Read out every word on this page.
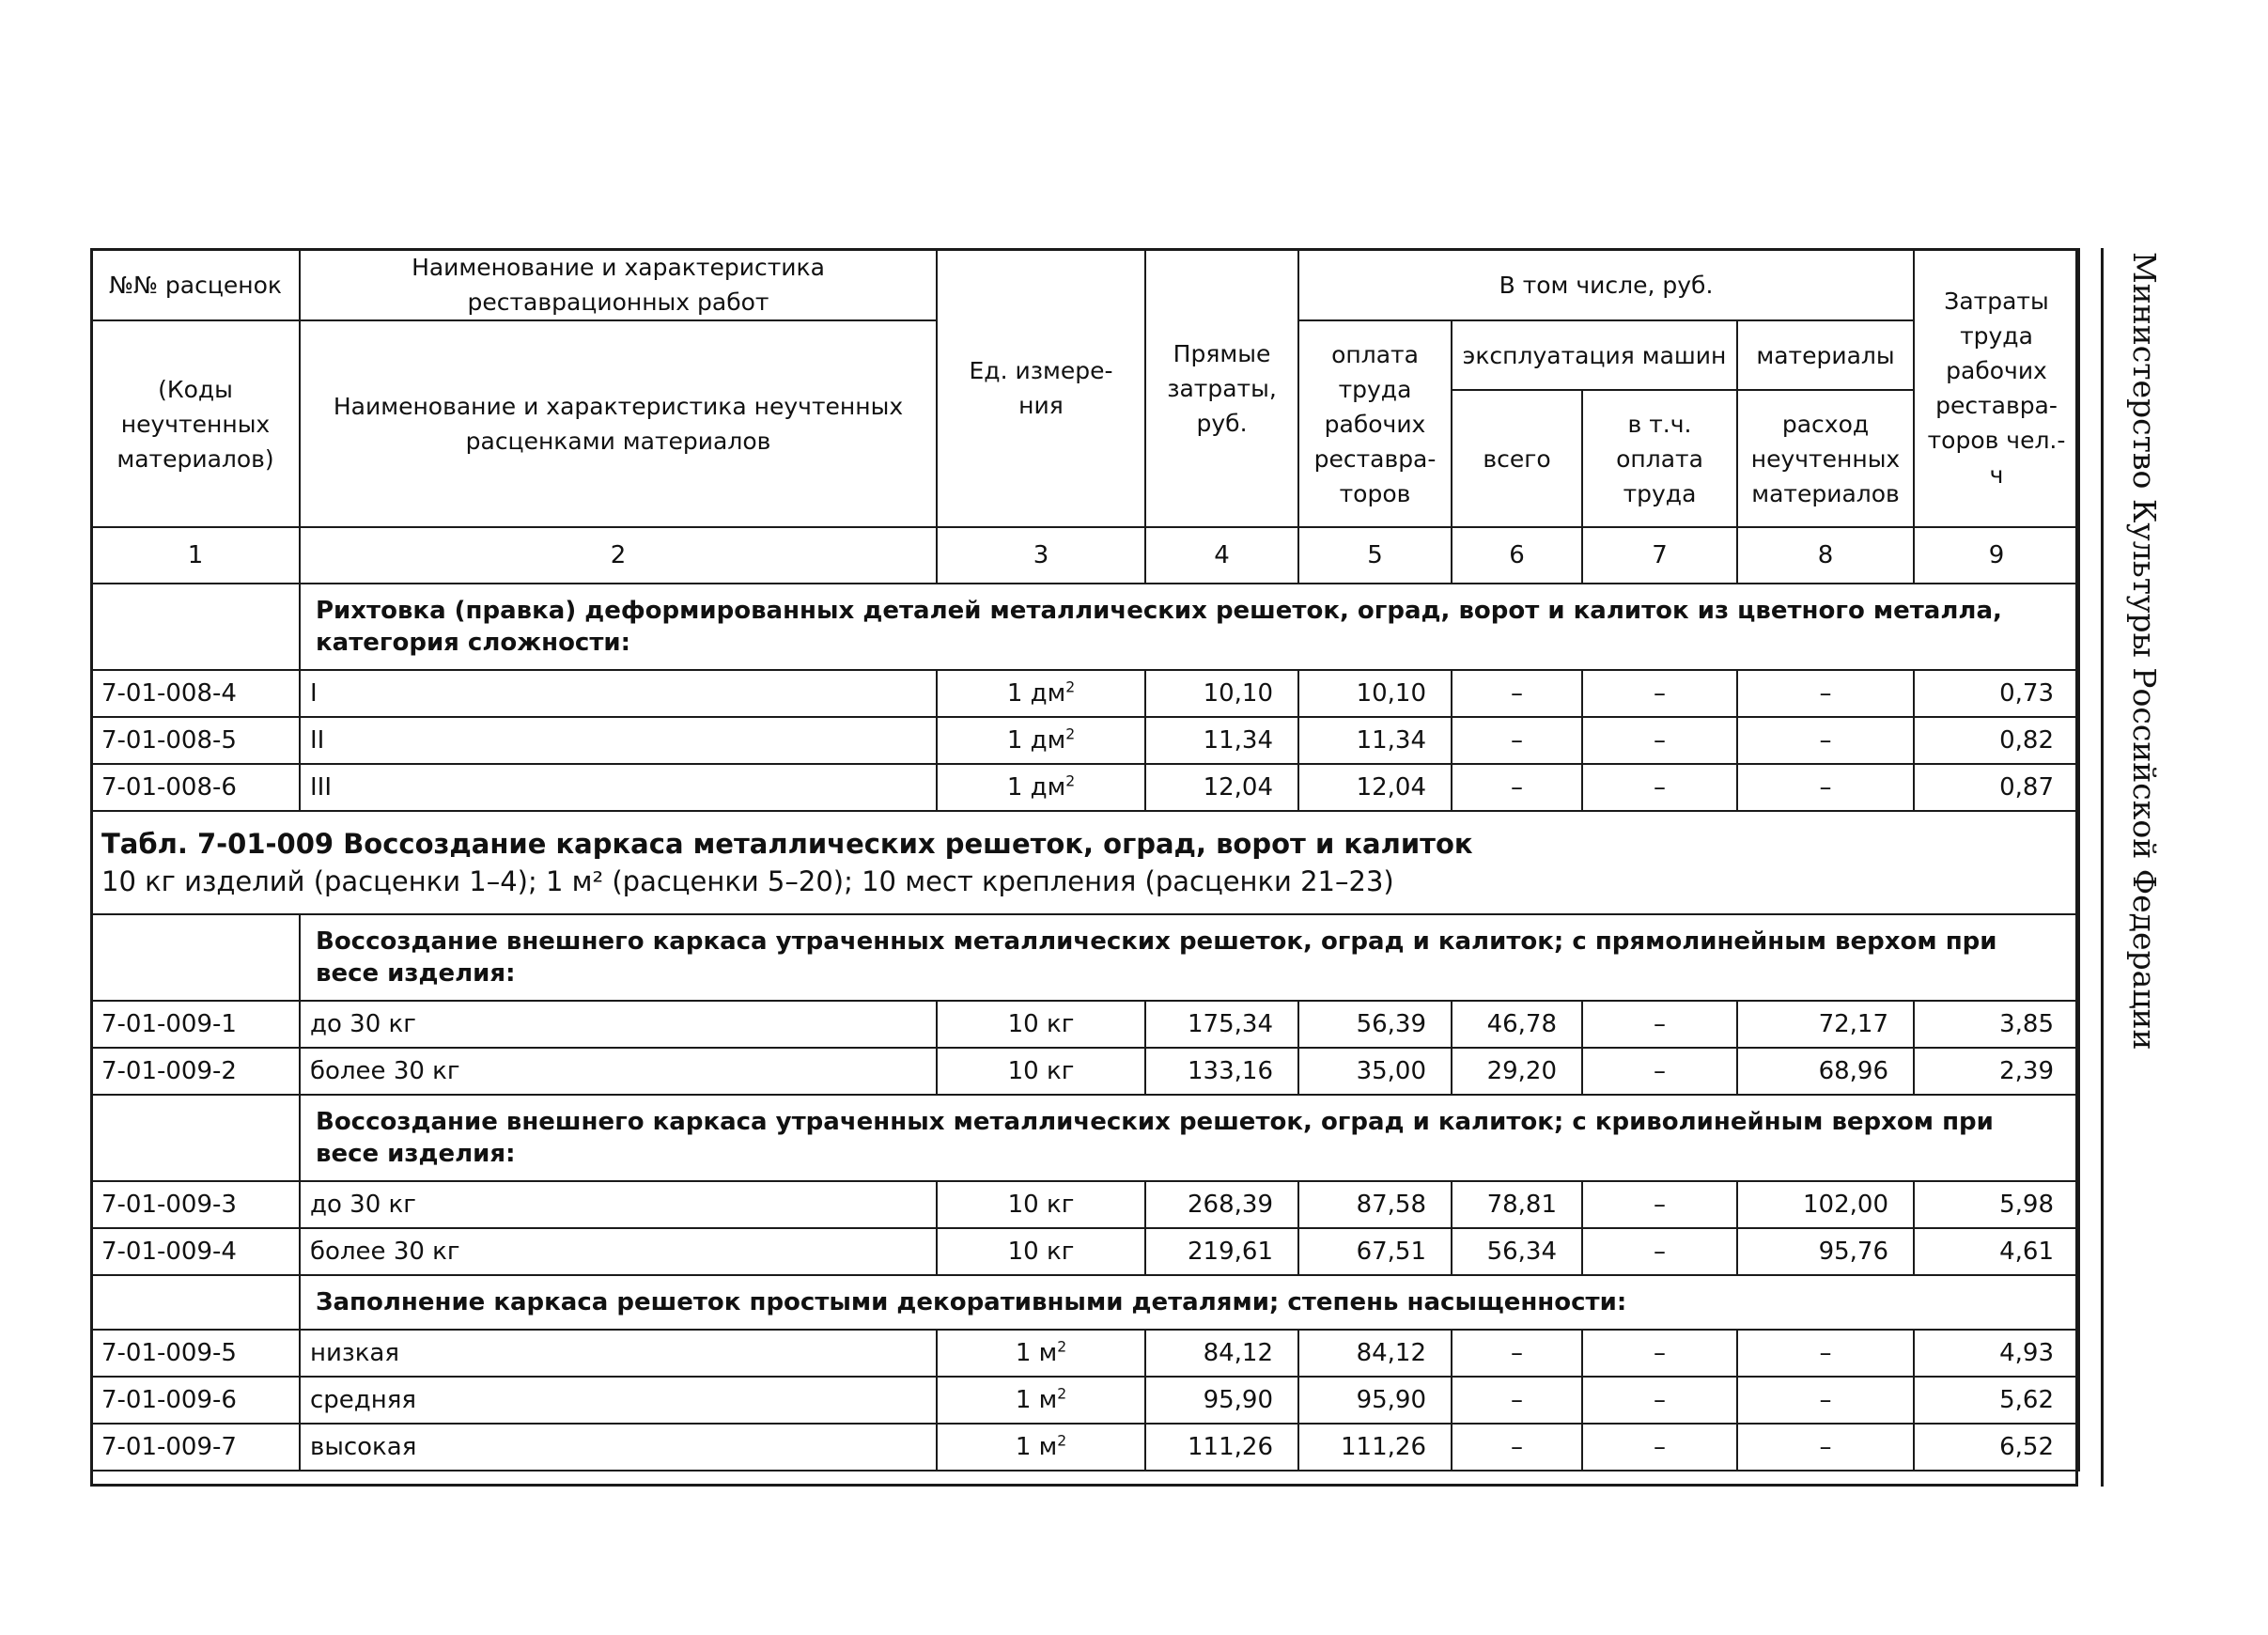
№№ расценок	Наименование и характеристика реставрационных работ	Ед. измере-ния	Прямые затраты, руб.	В том числе, руб.				Затраты труда рабочих реставра-торов чел.-ч
(Коды неучтенных материалов)	Наименование и характеристика неучтенных расценками материалов			оплата труда рабочих реставра-торов	эксплуатация машин		материалы	
					всего	в т.ч. оплата труда	расход неучтенных материалов	
1	2	3	4	5	6	7	8	9
	Рихтовка (правка) деформированных деталей металлических решеток, оград, ворот и калиток из цветного металла, категория сложности:							
7-01-008-4	I	1 $дм^2$	10,10	10,10	–	–	–	0,73
7-01-008-5	II	1 $дм^2$	11,34	11,34	–	–	–	0,82
7-01-008-6	III	1 $дм^2$	12,04	12,04	–	–	–	0,87

Табл. 7-01-009 Воссоздание каркаса металлических решеток, оград, ворот и калиток
10 кг изделий (расценки 1–4); 1 м² (расценки 5–20); 10 мест крепления (расценки 21–23)								

	Воссоздание внешнего каркаса утраченных металлических решеток, оград и калиток; с прямолинейным верхом при весе изделия:							
7-01-009-1	до 30 кг	10 кг	175,34	56,39	46,78	–	72,17	3,85
7-01-009-2	более 30 кг	10 кг	133,16	35,00	29,20	–	68,96	2,39
	Воссоздание внешнего каркаса утраченных металлических решеток, оград и калиток; с криволинейным верхом при весе изделия:							
7-01-009-3	до 30 кг	10 кг	268,39	87,58	78,81	–	102,00	5,98
7-01-009-4	более 30 кг	10 кг	219,61	67,51	56,34	–	95,76	4,61
	Заполнение каркаса решеток простыми декоративными деталями; степень насыщенности:							
7-01-009-5	низкая	1 $м^2$	84,12	84,12	–	–	–	4,93
7-01-009-6	средняя	1 $м^2$	95,90	95,90	–	–	–	5,62
7-01-009-7	высокая	1 $м^2$	111,26	111,26	–	–	–	6,52
Министерство Культуры Российской Федерации
